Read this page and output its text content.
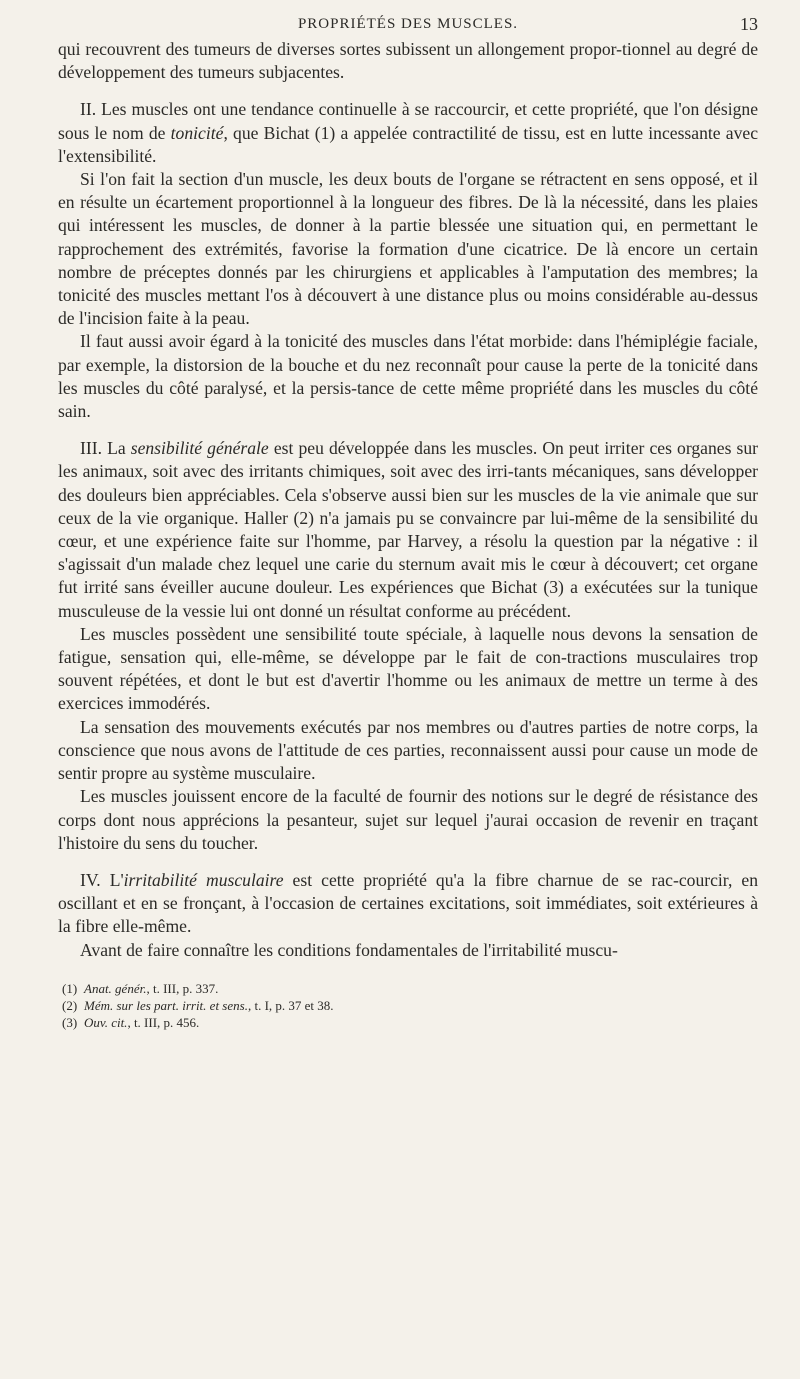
PROPRIÉTÉS DES MUSCLES.	13

qui recouvrent des tumeurs de diverses sortes subissent un allongement propor-tionnel au degré de développement des tumeurs subjacentes.

II. Les muscles ont une tendance continuelle à se raccourcir, et cette propriété, que l'on désigne sous le nom de tonicité, que Bichat (1) a appelée contractilité de tissu, est en lutte incessante avec l'extensibilité.

Si l'on fait la section d'un muscle, les deux bouts de l'organe se rétractent en sens opposé, et il en résulte un écartement proportionnel à la longueur des fibres. De là la nécessité, dans les plaies qui intéressent les muscles, de donner à la partie blessée une situation qui, en permettant le rapprochement des extrémités, favorise la formation d'une cicatrice. De là encore un certain nombre de préceptes donnés par les chirurgiens et applicables à l'amputation des membres; la tonicité des muscles mettant l'os à découvert à une distance plus ou moins considérable au-dessus de l'incision faite à la peau.

Il faut aussi avoir égard à la tonicité des muscles dans l'état morbide: dans l'hémiplégie faciale, par exemple, la distorsion de la bouche et du nez reconnaît pour cause la perte de la tonicité dans les muscles du côté paralysé, et la persis-tance de cette même propriété dans les muscles du côté sain.

III. La sensibilité générale est peu développée dans les muscles. On peut irriter ces organes sur les animaux, soit avec des irritants chimiques, soit avec des irri-tants mécaniques, sans développer des douleurs bien appréciables. Cela s'observe aussi bien sur les muscles de la vie animale que sur ceux de la vie organique. Haller (2) n'a jamais pu se convaincre par lui-même de la sensibilité du cœur, et une expérience faite sur l'homme, par Harvey, a résolu la question par la négative : il s'agissait d'un malade chez lequel une carie du sternum avait mis le cœur à découvert; cet organe fut irrité sans éveiller aucune douleur. Les expériences que Bichat (3) a exécutées sur la tunique musculeuse de la vessie lui ont donné un résultat conforme au précédent.

Les muscles possèdent une sensibilité toute spéciale, à laquelle nous devons la sensation de fatigue, sensation qui, elle-même, se développe par le fait de con-tractions musculaires trop souvent répétées, et dont le but est d'avertir l'homme ou les animaux de mettre un terme à des exercices immodérés.

La sensation des mouvements exécutés par nos membres ou d'autres parties de notre corps, la conscience que nous avons de l'attitude de ces parties, reconnaissent aussi pour cause un mode de sentir propre au système musculaire.

Les muscles jouissent encore de la faculté de fournir des notions sur le degré de résistance des corps dont nous apprécions la pesanteur, sujet sur lequel j'aurai occasion de revenir en traçant l'histoire du sens du toucher.

IV. L'irritabilité musculaire est cette propriété qu'a la fibre charnue de se rac-courcir, en oscillant et en se fronçant, à l'occasion de certaines excitations, soit immédiates, soit extérieures à la fibre elle-même.

Avant de faire connaître les conditions fondamentales de l'irritabilité muscu-

(1) Anat. génér., t. III, p. 337.

(2) Mém. sur les part. irrit. et sens., t. I, p. 37 et 38.

(3) Ouv. cit., t. III, p. 456.
